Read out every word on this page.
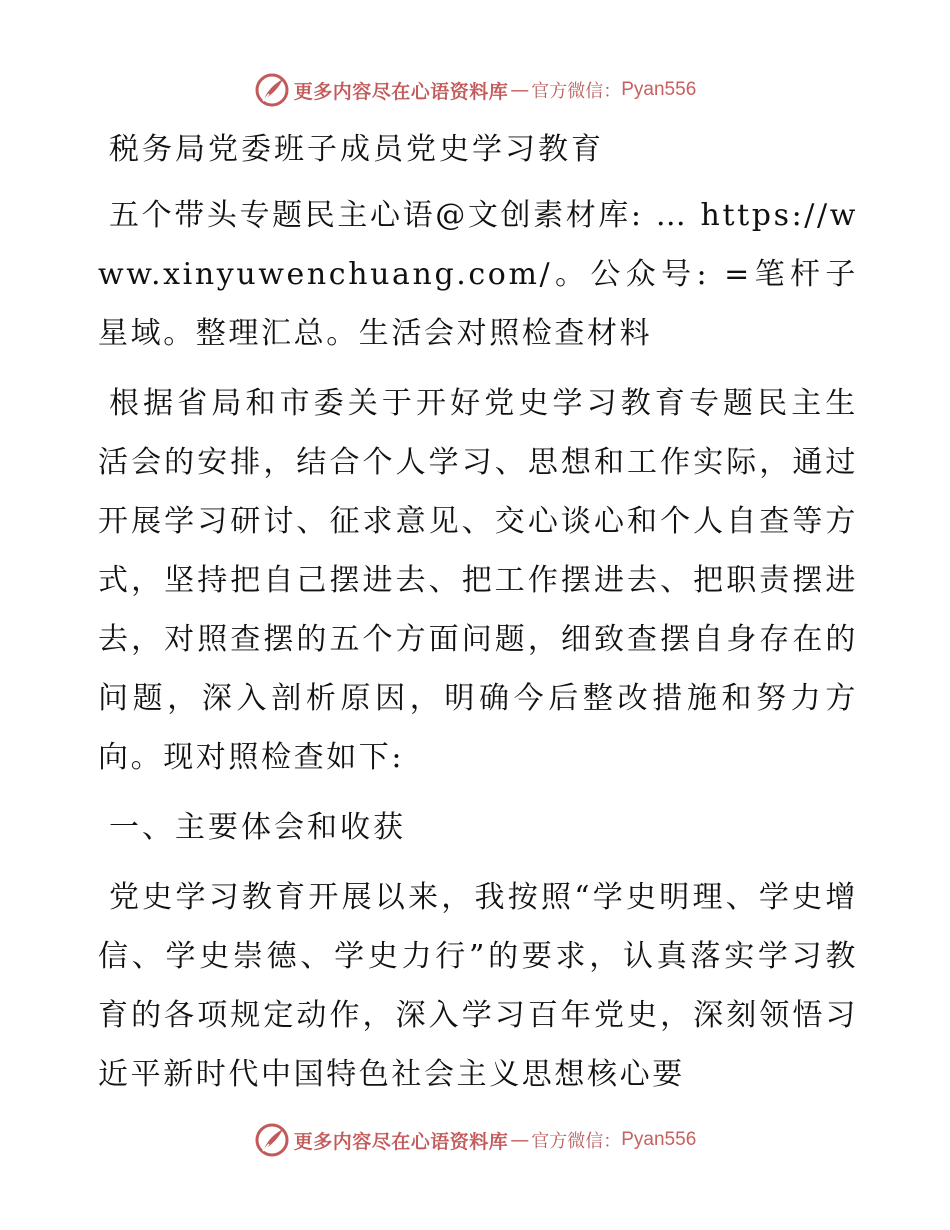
更多内容尽在心语资料库 — 官方微信： Pyan556

税务局党委班子成员党史学习教育

五个带头专题民主心语@文创素材库: … https://www.xinyuwenchuang.com/。公众号: =笔杆子星域。整理汇总。生活会对照检查材料

根据省局和市委关于开好党史学习教育专题民主生活会的安排，结合个人学习、思想和工作实际，通过开展学习研讨、征求意见、交心谈心和个人自查等方式，坚持把自己摆进去、把工作摆进去、把职责摆进去，对照查摆的五个方面问题，细致查摆自身存在的问题，深入剖析原因，明确今后整改措施和努力方向。现对照检查如下:

一、主要体会和收获

党史学习教育开展以来，我按照“学史明理、学史增信、学史崇德、学史力行”的要求，认真落实学习教育的各项规定动作，深入学习百年党史，深刻领悟习近平新时代中国特色社会主义思想核心要

更多内容尽在心语资料库 — 官方微信： Pyan556
